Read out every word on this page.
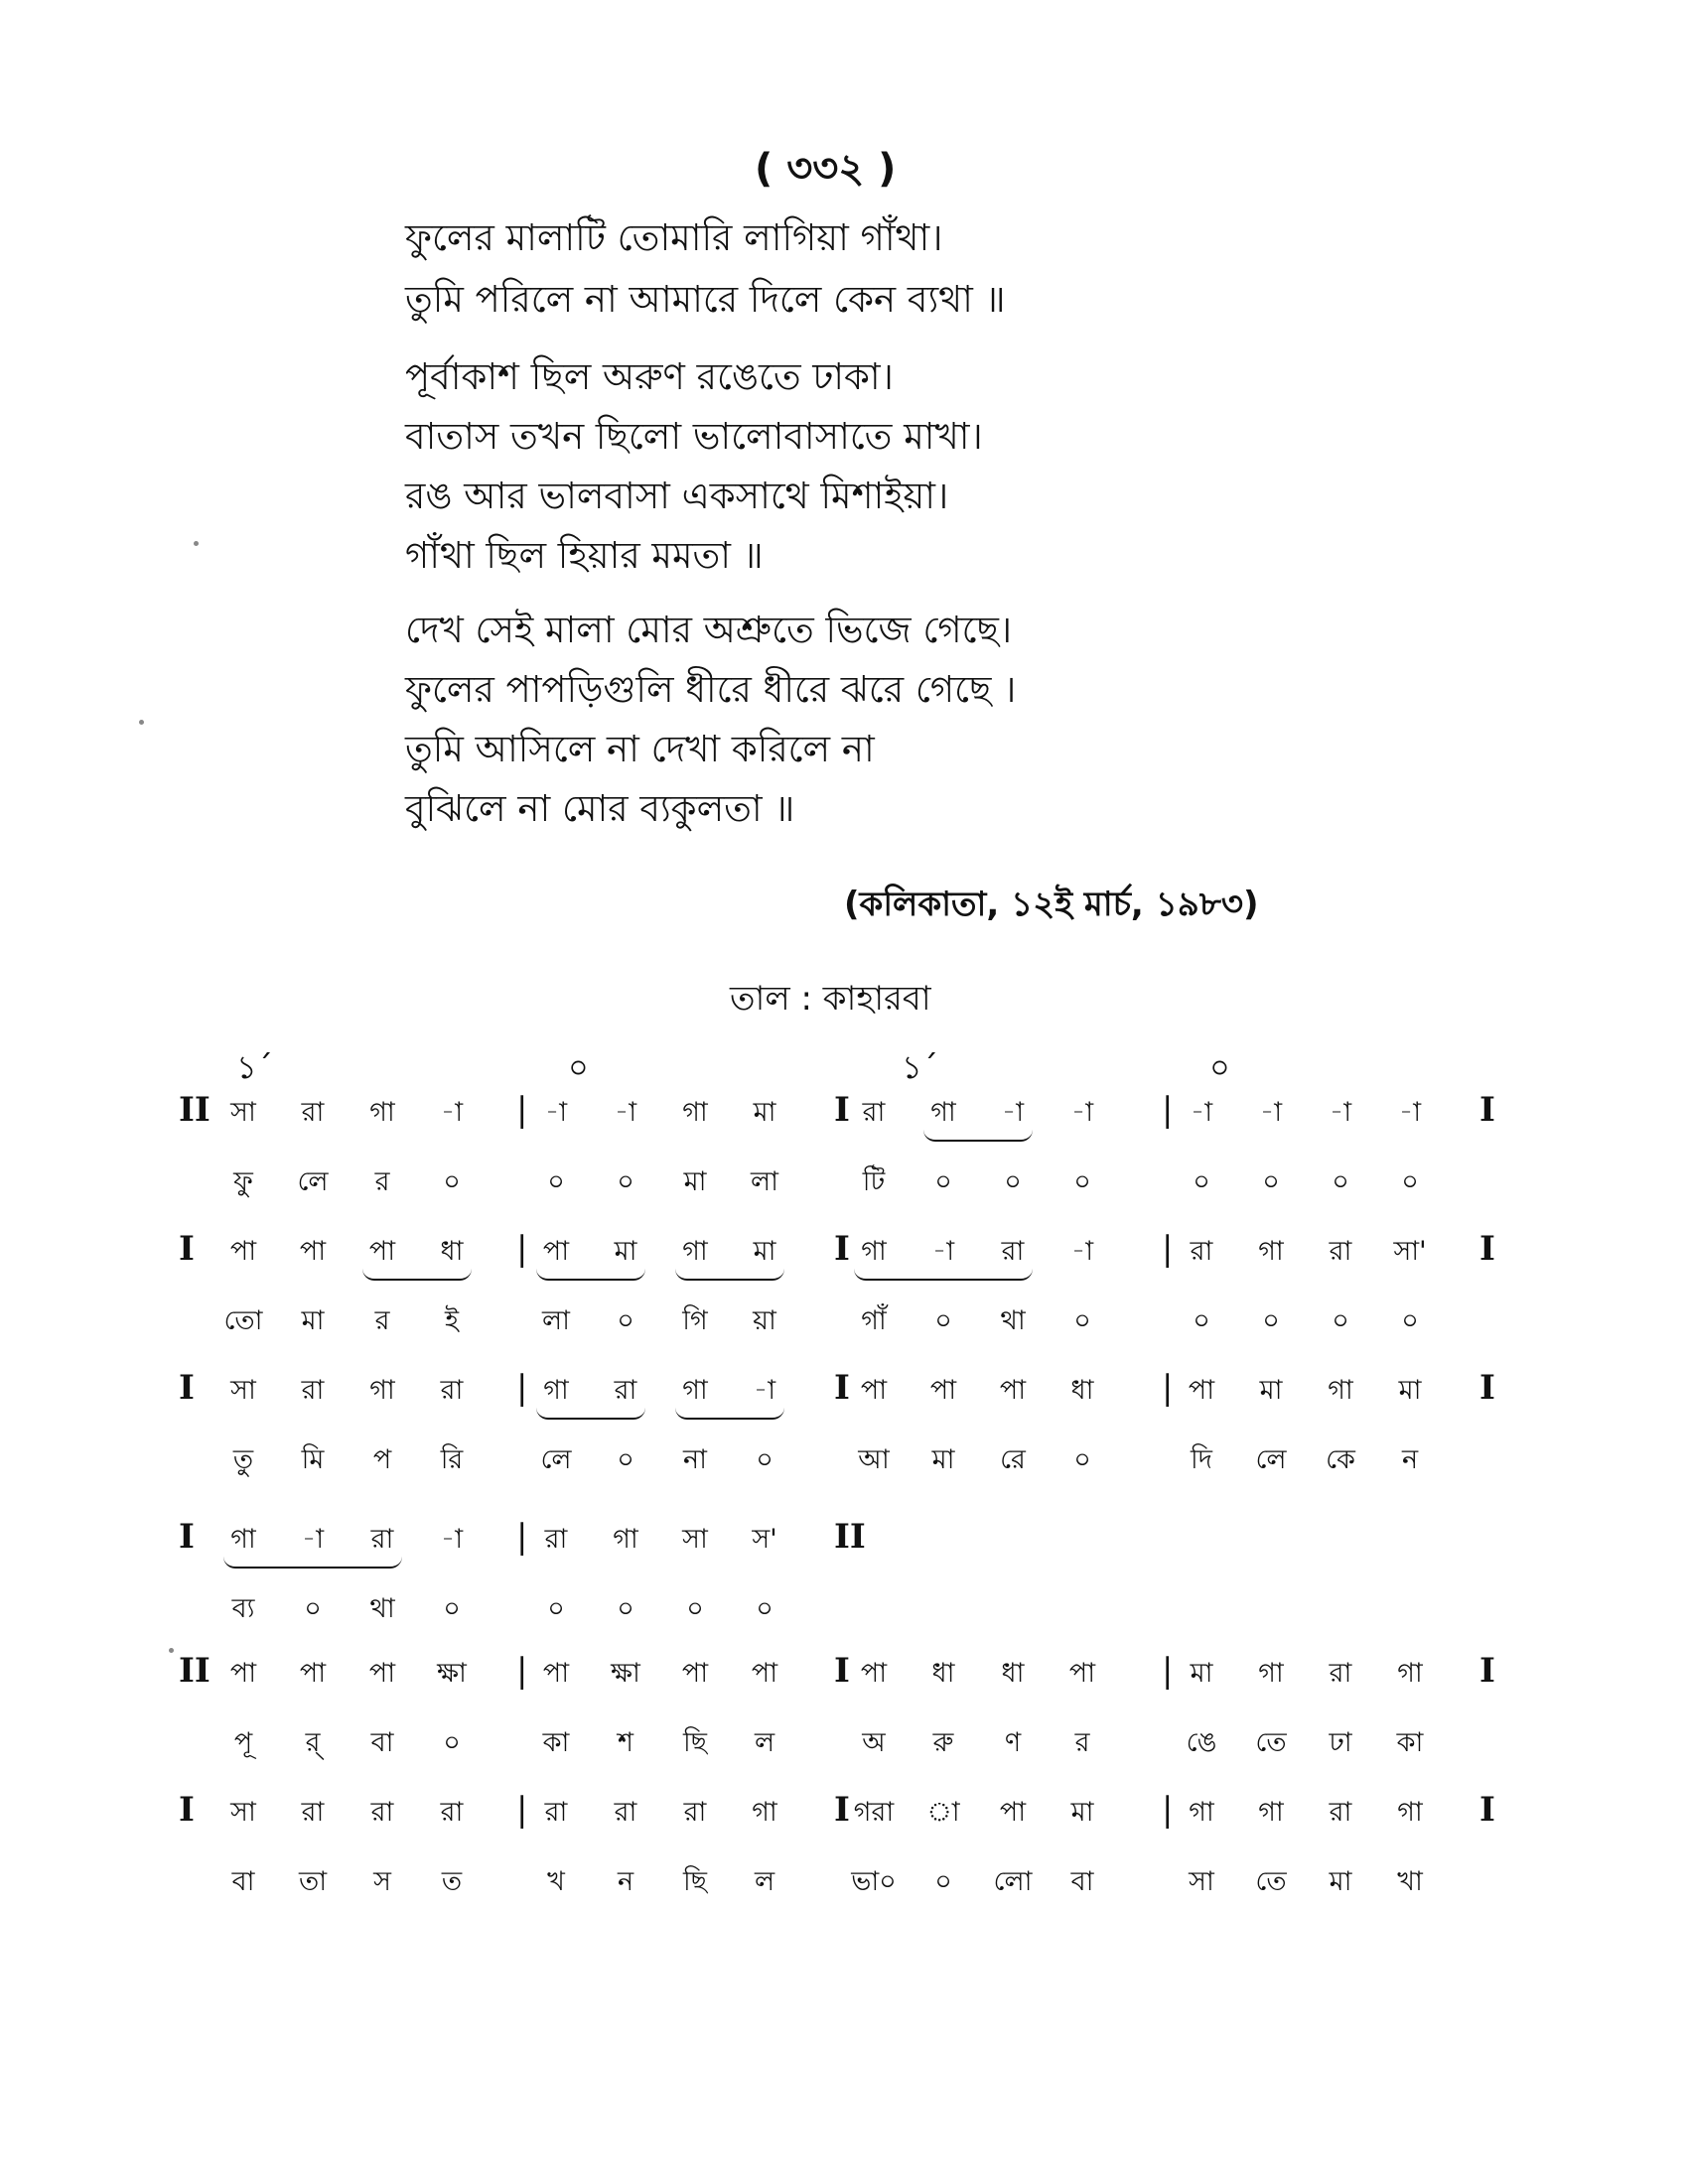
( ৩৩২ )
ফুলের মালাটি তোমারি লাগিয়া গাঁথা।
তুমি পরিলে না আমারে দিলে কেন ব্যথা ॥
পূর্বাকাশ ছিল অরুণ রঙেতে ঢাকা।
বাতাস তখন ছিলো ভালোবাসাতে মাখা।
রঙ আর ভালবাসা একসাথে মিশাইয়া।
গাঁথা ছিল হিয়ার মমতা ॥
দেখ সেই মালা মোর অশ্রুতে ভিজে গেছে।
ফুলের পাপড়িগুলি ধীরে ধীরে ঝরে গেছে ।
তুমি আসিলে না দেখা করিলে না
বুঝিলে না মোর ব্যকুলতা ॥
(কলিকাতা, ১২ই মার্চ, ১৯৮৩)
তাল : কাহারবা
১´	০	১´	০
II	|	I	|	I
সা	রা	গা	-া	-া	-া	গা	মা	রা	গা	-া	-া	-া	-া	-া	-া
ফু	লে	র	০	০	০	মা	লা	টি	০	০	০	০	০	০	০
I	|	I	|	I
পা	পা	পা	ধা	পা	মা	গা	মা	গা	-া	রা	-া	রা	গা	রা	সা'
তো	মা	র	ই	লা	০	গি	য়া	গাঁ	০	থা	০	০	০	০	০
I	|	I	|	I
সা	রা	গা	রা	গা	রা	গা	-া	পা	পা	পা	ধা	পা	মা	গা	মা
তু	মি	প	রি	লে	০	না	০	আ	মা	রে	০	দি	লে	কে	ন
I	|	II
গা	-া	রা	-া	রা	গা	সা	স'
ব্য	০	থা	০	০	০	০	০
II	|	I	|	I
পা	পা	পা	ক্ষা	পা	ক্ষা	পা	পা	পা	ধা	ধা	পা	মা	গা	রা	গা
পূ	র্	বা	০	কা	শ	ছি	ল	অ	রু	ণ	র	ঙে	তে	ঢা	কা
I	|	I	|	I
সা	রা	রা	রা	রা	রা	রা	গা	গরা	া	পা	মা	গা	গা	রা	গা
বা	তা	স	ত	খ	ন	ছি	ল	ভা০	০	লো	বা	সা	তে	মা	খা
